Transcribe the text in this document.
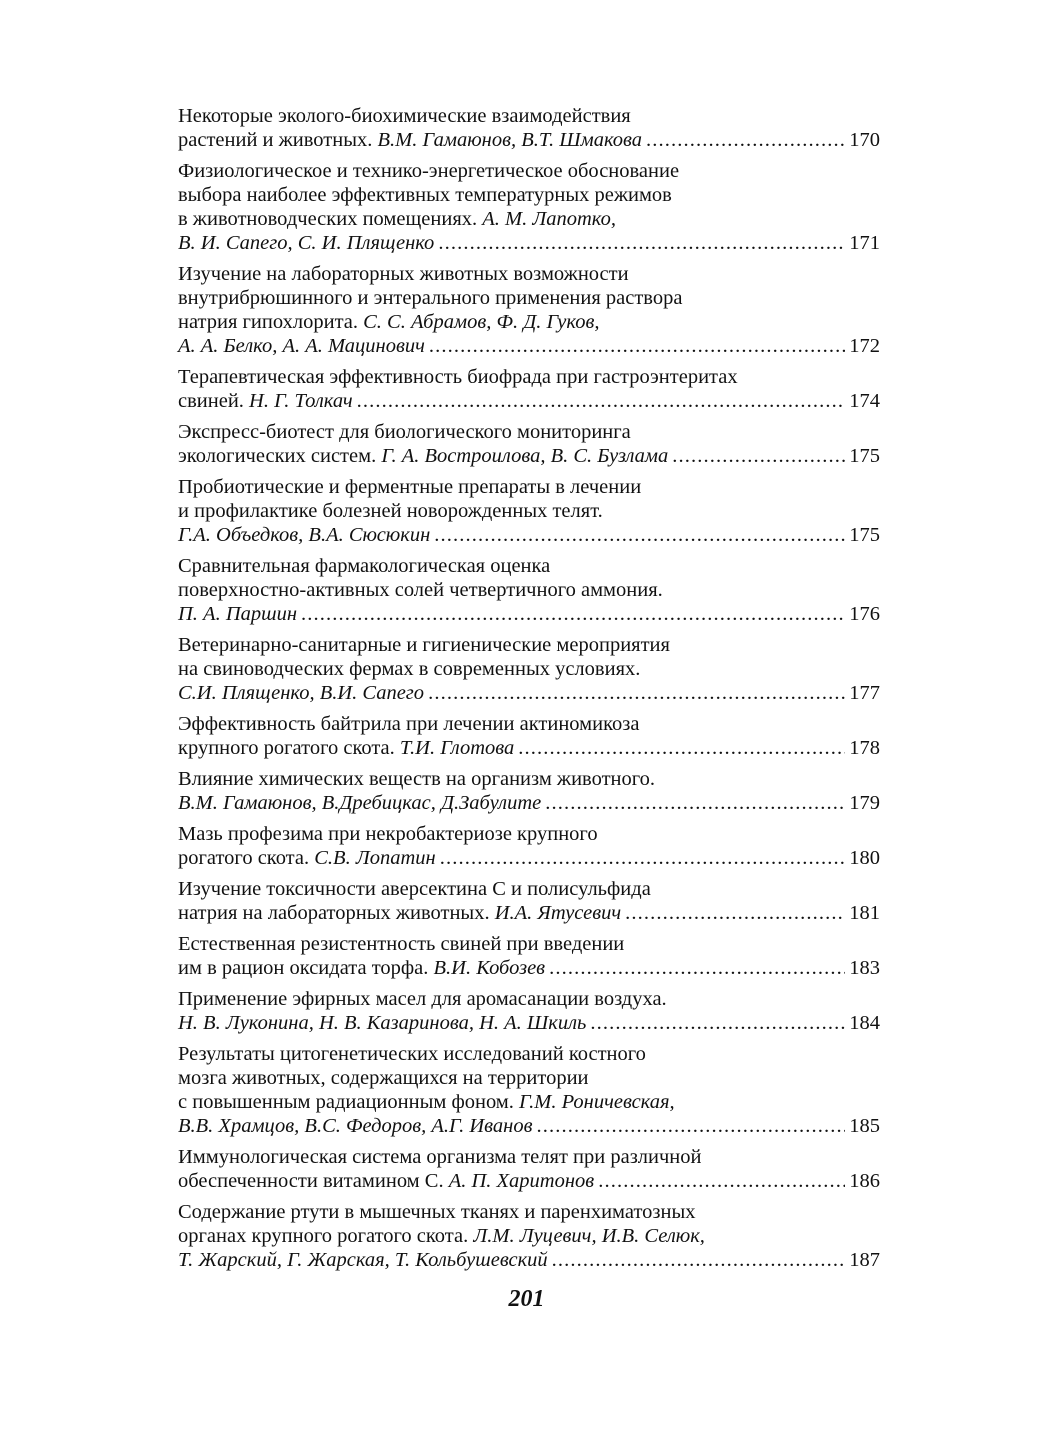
Некоторые эколого-биохимические взаимодействия
растений и животных. В.М. Гамаюнов, В.Т. Шмакова . . .	170
Физиологическое и технико-энергетическое обоснование
выбора наиболее эффективных температурных режимов
в животноводческих помещениях. А. М. Лапотко,
В. И. Сапего, С. И. Плященко . . .	171
Изучение на лабораторных животных возможности
внутрибрюшинного и энтерального применения раствора
натрия гипохлорита. С. С. Абрамов, Ф. Д. Гуков,
А. А. Белко, А. А. Мацинович . . .	172
Терапевтическая эффективность биофрада при гастроэнтеритах
свиней. Н. Г. Толкач . . .	174
Экспресс-биотест для биологического мониторинга
экологических систем. Г. А. Востроилова, В. С. Бузлама . . .	175
Пробиотические и ферментные препараты в лечении
и профилактике болезней новорожденных телят.
Г.А. Объедков, В.А. Сюсюкин . . .	175
Сравнительная фармакологическая оценка
поверхностно-активных солей четвертичного аммония.
П. А. Паршин . . .	176
Ветеринарно-санитарные и гигиенические мероприятия
на свиноводческих фермах в современных условиях.
С.И. Плященко, В.И. Сапего . . .	177
Эффективность байтрила при лечении актиномикоза
крупного рогатого скота. Т.И. Глотова . . .	178
Влияние химических веществ на организм животного.
В.М. Гамаюнов, В.Дребицкас, Д.Забулите . . .	179
Мазь профезима при некробактериозе крупного
рогатого скота. С.В. Лопатин . . .	180
Изучение токсичности аверсектина С и полисульфида
натрия на лабораторных животных. И.А. Ятусевич . . .	181
Естественная резистентность свиней при введении
им в рацион оксидата торфа. В.И. Кобозев . . .	183
Применение эфирных масел для аромасанации воздуха.
Н. В. Луконина, Н. В. Казаринова, Н. А. Шкиль . . .	184
Результаты цитогенетических исследований костного
мозга животных, содержащихся на территории
с повышенным радиационным фоном. Г.М. Роничевская,
В.В. Храмцов, В.С. Федоров, А.Г. Иванов . . .	185
Иммунологическая система организма телят при различной
обеспеченности витамином С. А. П. Харитонов . . .	186
Содержание ртути в мышечных тканях и паренхиматозных
органах крупного рогатого скота. Л.М. Луцевич, И.В. Селюк,
Т. Жарский, Г. Жарская, Т. Кольбушевский . . .	187
201
